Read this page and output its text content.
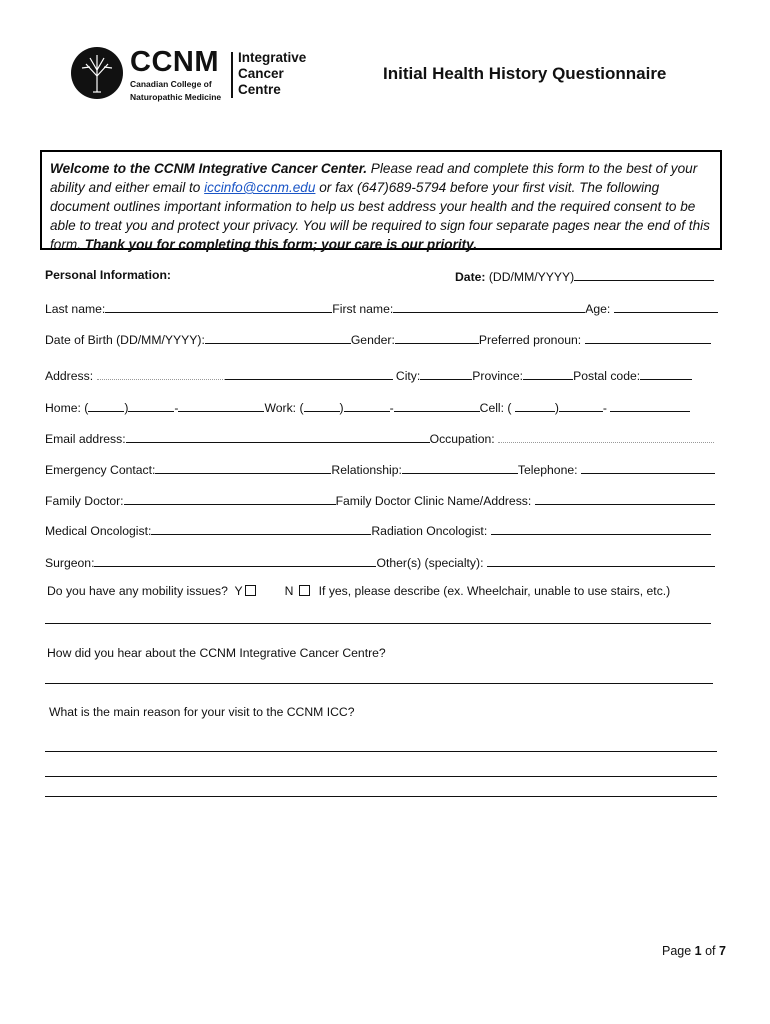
CCNM
Canadian College of
Naturopathic Medicine
Integrative
Cancer
Centre
Initial Health History Questionnaire
Welcome to the CCNM Integrative Cancer Center. Please read and complete this form to the best of your ability and either email to iccinfo@ccnm.edu or fax (647)689-5794 before your first visit. The following document outlines important information to help us best address your health and the required consent to be able to treat you and protect your privacy. You will be required to sign four separate pages near the end of this form. Thank you for completing this form; your care is our priority.
Personal Information:	Date: (DD/MM/YYYY)
Last name:	First name:	Age:
Date of Birth (DD/MM/YYYY):	Gender:	Preferred pronoun:
Address:	City:	Province:	Postal code:
Home: (	)	-	Work: (	)	-	Cell: (	)	-
Email address:	Occupation:
Emergency Contact:	Relationship:	Telephone:
Family Doctor:	Family Doctor Clinic Name/Address:
Medical Oncologist:	Radiation Oncologist:
Surgeon:	Other(s) (specialty):
Do you have any mobility issues? Y	N If yes, please describe (ex. Wheelchair, unable to use stairs, etc.)
How did you hear about the CCNM Integrative Cancer Centre?
What is the main reason for your visit to the CCNM ICC?
Page 1 of 7
